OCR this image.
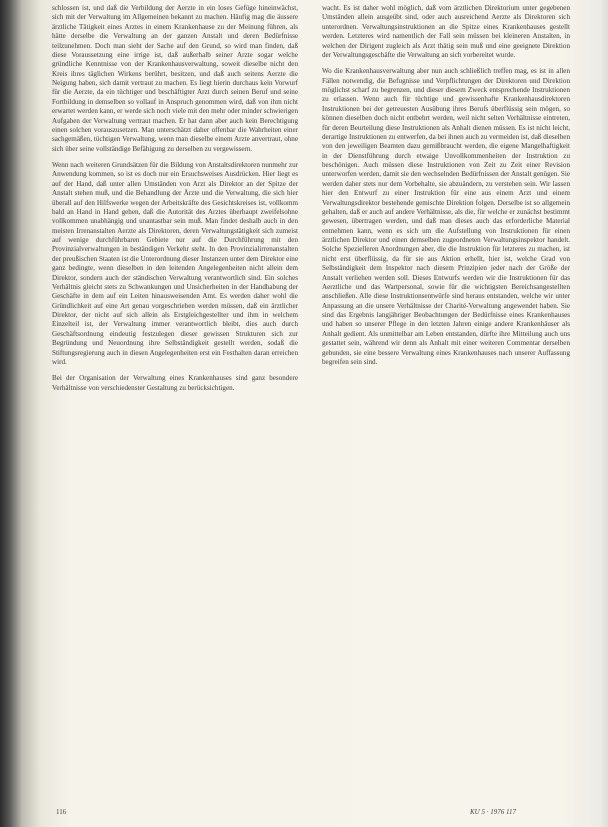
schlossen ist, und daß die Verbildung der Aerzte in ein loses Gefüge hineinwächst, sich mit der Verwaltung im Allgemeinen bekannt zu machen. Häufig mag die äussere ärztliche Tätigkeit eines Arztes in einem Krankenhause zu der Meinung führen, als hätte derselbe die Verwaltung an der ganzen Anstalt und deren Bedürfnisse teilzunehmen. Doch man sieht der Sache auf den Grund, so wird man finden, daß diese Voraussetzung eine irrige ist, daß außerhalb seiner Arzte sogar welche gründliche Kenntnisse von der Krankenhausverwaltung, soweit dieselbe nicht den Kreis ihres täglichen Wirkens berührt, besitzen, und daß auch seitens Aerzte die Neigung haben, sich damit vertraut zu machen. Es liegt hierin durchaus kein Vorwurf für die Aerzte, da ein tüchtiger und beschäftigter Arzt durch seinen Beruf und seine Fortbildung in demselben so vollauf in Anspruch genommen wird, daß von ihm nicht erwartet werden kann, er werde sich noch viele mit den mehr oder minder schwierigen Aufgaben der Verwaltung vertraut machen. Er hat dann aber auch kein Berechtigung einen solchen vorauszusetzen. Man unterschätzt daher offenbar die Wahrheiten einer sachgemäßen, tüchtigen Verwaltung, wenn man dieselbe einem Arzte anvertraut, ohne sich über seine vollständige Befähigung zu derselben zu vergewissern.

Wenn nach weiteren Grundsätzen für die Bildung von Anstaltsdirektoren nunmehr zur Anwendung kommen, so ist es doch nur ein Ersuchsweises Ausdrücken. Hier liegt es auf der Hand, daß unter allen Umständen von Arzt als Direktor an der Spitze der Anstalt stehen muß, und die Behandlung der Ärzte und die Verwaltung, die sich hier überall auf den Hilfswerke wegen der Arbeitskräfte des Gesichtskreises ist, vollkomm bald an Hand in Hand gehen, daß die Autorität des Arztes überhaupt zweifelsohne vollkommen unabhängig und unantastbar sein muß. Man findet deshalb auch in den meisten Irrenanstalten Aerzte als Direktoren, deren Verwaltungstätigkeit sich zumeist auf wenige durchführbaren Gebiete nur auf die Durchführung mit den Provinzialverwaltungen in beständigen Verkehr steht. In den Provinzialirrenanstalten der preußischen Staaten ist die Unterordnung dieser Instanzen unter dem Direktor eine ganz bedingte, wenn dieselben in den leitenden Angelegenheiten nicht allein dem Direktor, sondern auch der ständischen Verwaltung verantwortlich sind. Ein solches Verhältnis gleicht stets zu Schwankungen und Unsicherheiten in der Handhabung der Geschäfte in dem auf ein Leiten hinausweisenden Amt. Es werden daher wohl die Gründlichkeit auf eine Art genau vorgeschrieben werden müssen, daß ein ärztlicher Direktor, der nicht auf sich allein als Erstgleichgestellter und ihm in welchem Einzelteil ist, der Verwaltung immer verantwortlich bleibt, dies auch durch Geschäftsordnung eindeutig festzulegen dieser gewissen Strukturen sich zur Begründung und Neuordnung ihre Selbständigkeit gestellt werden, sodaß die Stiftungsregierung auch in diesen Angelegenheiten erst ein Festhalten daran erreichen wird.

Bei der Organisation der Verwaltung eines Krankenhauses sind ganz besondere Verhältnisse von verschiedenster Gestaltung zu berücksichtigen.

wacht. Es ist daher wohl möglich, daß vom ärztlichen Direktorium unter gegebenen Umständen allein ausgeübt sind, oder auch ausreichend Aerzte als Direktoren sich unterordnen. Verwaltungsinstruktionen an die Spitze eines Krankenhauses gestellt werden. Letzteres wird namentlich der Fall sein müssen bei kleineren Anstalten, in welchen der Dirigent zugleich als Arzt thätig sein muß und eine geeignete Direktion der Verwaltungsgeschäfte die Verwaltung an sich vorbereitet wurde.

Wo die Krankenhausverwaltung aber nun auch schließlich treffen mag, es ist in allen Fällen notwendig, die Befugnisse und Verpflichtungen der Direktoren und Direktion möglichst scharf zu begrenzen, und dieser diesem Zweck entsprechende Instruktionen zu erlassen. Wenn auch für tüchtige und gewissenhafte Krankenhausdirektoren Instruktionen bei der getreuesten Ausübung ihres Berufs überflüssig sein mögen, so können dieselben doch nicht entbehrt werden, weil nicht selten Verhältnisse eintreten, für deren Beurteilung diese Instruktionen als Anhalt dienen müssen. Es ist nicht leicht, derartige Instruktionen zu entwerfen, da bei ihnen auch zu vermeiden ist, daß dieselben von den jeweiligen Beamten dazu gemißbraucht werden, die eigene Mangelhaftigkeit in der Dienstführung durch etwaige Unvollkommenheiten der Instruktion zu beschönigen. Auch müssen diese Instruktionen von Zeit zu Zeit einer Revision unterworfen werden, damit sie den wechselnden Bedürfnissen der Anstalt genügen. Sie werden daher stets nur dem Vorbehalte, sie abzuändern, zu verstehen sein. Wir lassen hier den Entwurf zu einer Instruktion für eine aus einem Arzt und einem Verwaltungsdirektor bestehende gemischte Direktion folgen. Derselbe ist so allgemein gehalten, daß er auch auf andere Verhältnisse, als die, für welche er zunächst bestimmt gewesen, übertragen werden, und daß man dieses auch das erforderliche Material entnehmen kann, wenn es sich um die Aufstellung von Instruktionen für einen ärztlichen Direktor und einen demselben zugeordneten Verwaltungsinspektor handelt. Solche Spezielleren Anordnungen aber, die die Instruktion für letzteres zu machen, ist nicht erst überflüssig, da für sie aus Aktion erhellt, hier ist, welche Grad von Selbständigkeit dem Inspektor nach diesem Prinzipien jeder nach der Größe der Anstalt verliehen werden soll. Dieses Entwurfs werden wir die Instruktionen für das Aerztliche und das Wartpersonal, sowie für die wichtigsten Bereichsangestellten anschließen. Alle diese Instruktionsentwürfe sind heraus entstanden, welche wir unter Anpassung an die unsere Verhältnisse der Charité-Verwaltung angewendet haben. Sie sind das Ergebnis langjähriger Beobachtungen der Bedürfnisse eines Krankenhauses und haben so unserer Pflege in den letzten Jahren einige andere Krankenhäuser als Anhalt gedient. Als unmittelbar am Leben entstanden, dürfte ihre Mitteilung auch uns gestattet sein, während wir denn als Anhalt mit einer weiteren Commentar derselben gebunden, sie eine bessere Verwaltung eines Krankenhauses nach unserer Auffassung begreifen sein sind.

116	KU 5 · 1976 117
